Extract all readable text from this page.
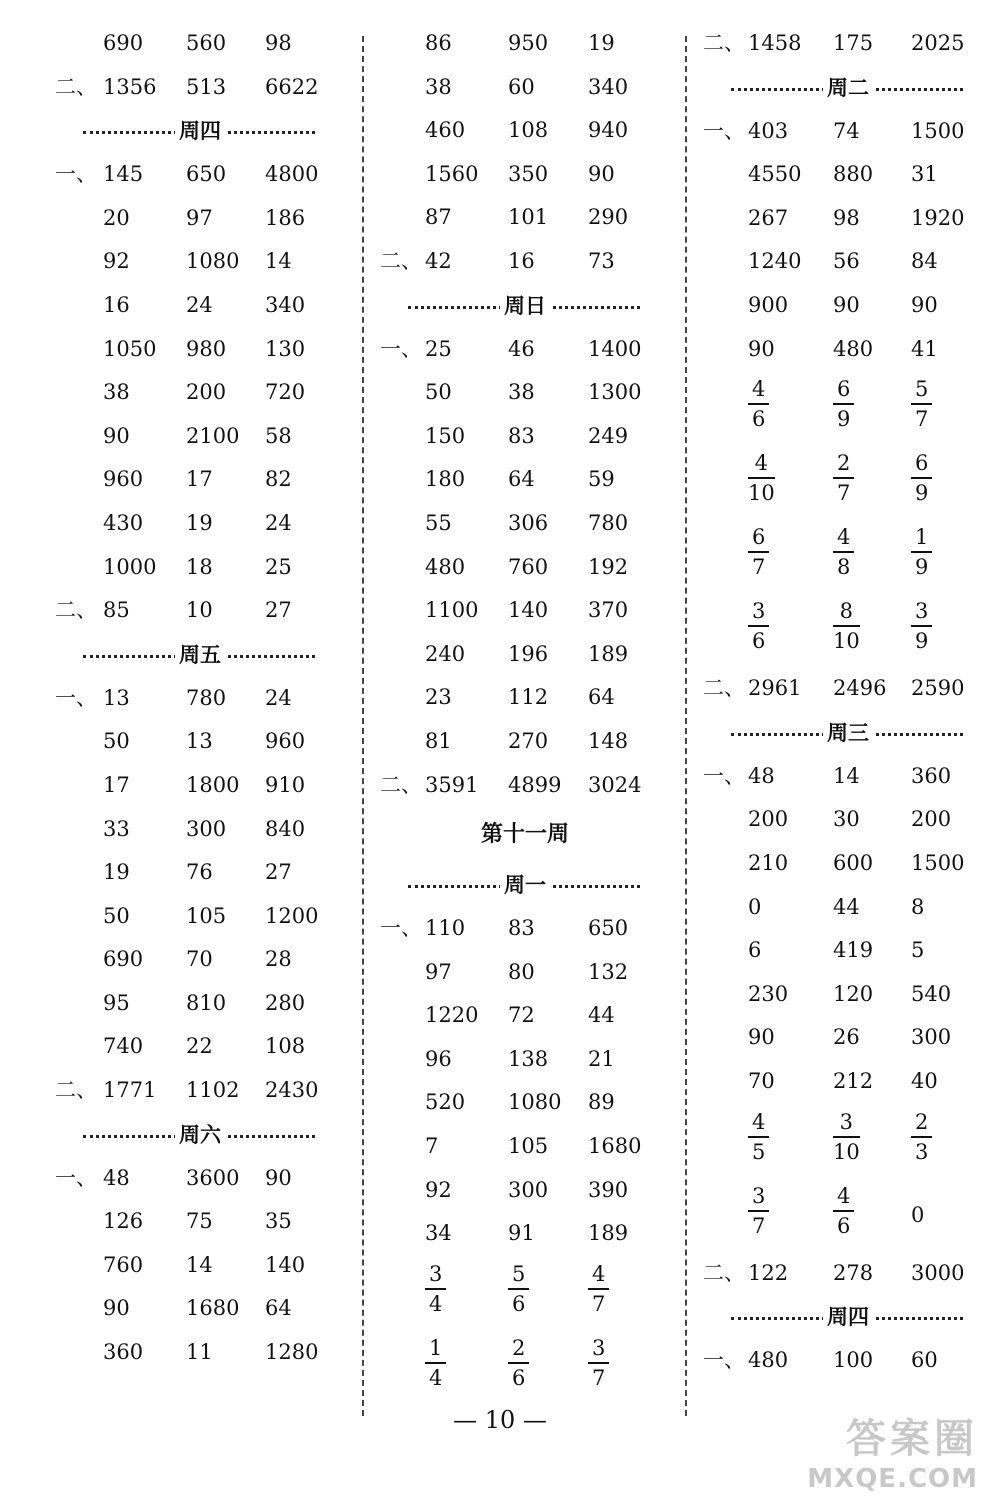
690 560 98
二、 1356 513 6622
周四
一、 145 650 4800
20	97 186
92	1080 14
16	24 340
1050 980 130
38	200 720
90	2100 58
960 17 82
430 19 24
1000 18 25
二、 85	10 27
周五
一、 13	780 24
50	13 960
17	1800 910
33	300 840
19	76 27
50	105 1200
690 70 28
95	810 280
740 22 108
二、 1771 1102 2430
周六
一、 48	3600 90
126 75 35
760 14 140
90	1680 64
360 11 1280
86	950 19
38	60	340
460 108 940
1560 350 90
87	101 290
二、 42	16	73
周日
一、 25	46	1400
50	38	1300
150 83	249
180 64	59
55	306 780
480 760 192
1100 140 370
240 196 189
23	112 64
81	270 148
二、 3591 4899 3024
第十一周
周一
一、 110 83	650
97	80	132
1220 72	44
96	138 21
520 1080 89
7	105 1680
92	300 390
34	91	189
$\frac{3}{4}$	$\frac{5}{6}$	$\frac{4}{7}$
$\frac{1}{4}$	$\frac{2}{6}$	$\frac{3}{7}$
二、 1458 175 2025
周二
一、 403 74 1500
4550 880 31
267 98 1920
1240 56 84
900 90 90
90	480 41
$\frac{4}{6}$	$\frac{6}{9}$	$\frac{5}{7}$
$\frac{4}{10}$	$\frac{2}{7}$	$\frac{6}{9}$
$\frac{6}{7}$	$\frac{4}{8}$	$\frac{1}{9}$
$\frac{3}{6}$	$\frac{8}{10} \frac{3}{9}$
二、 2961 2496 2590
周三
一、 48	14 360
200 30 200
210 600 1500
0	44 8
6	419 5
230 120 540
90	26 300
70	212 40
$\frac{4}{5}$	$\frac{3}{10} \frac{2}{3}$
$\frac{3}{7}$	$\frac{4}{6}$	0
二、 122 278 3000
周四
一、 480 100 60
— 10 —	答案圈
MXQE.COM
